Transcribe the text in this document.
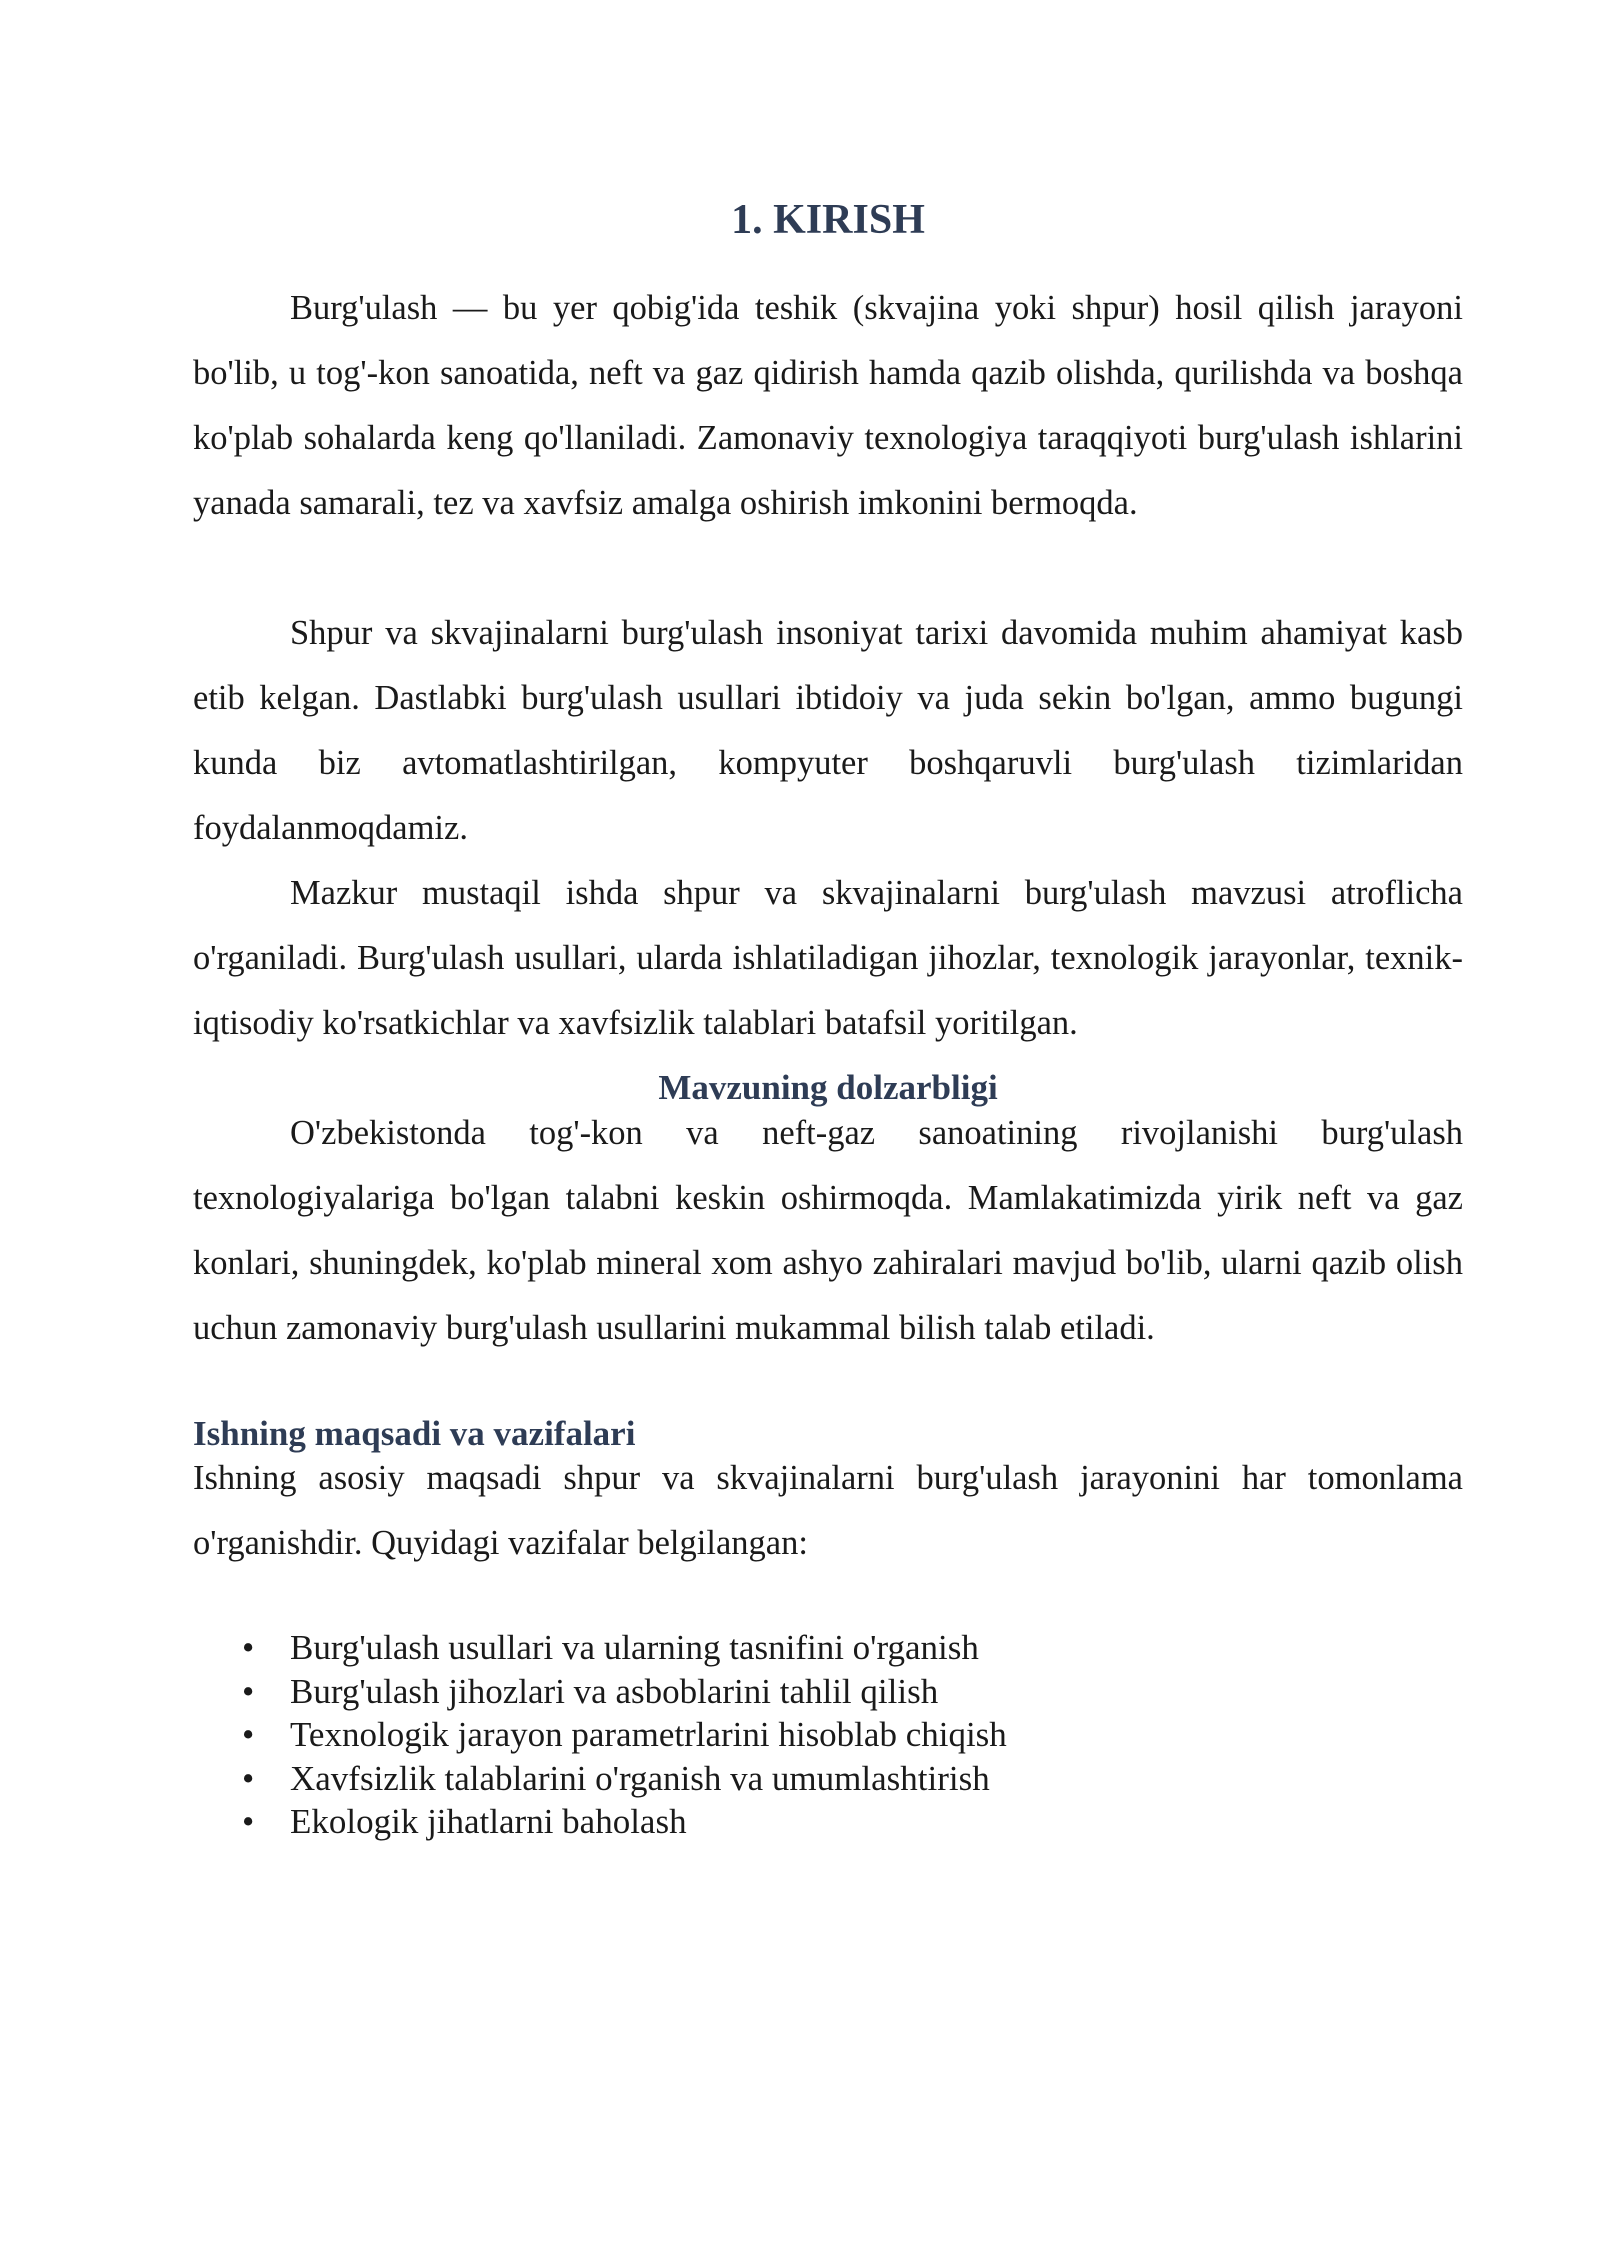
1. KIRISH

Burg'ulash — bu yer qobig'ida teshik (skvajina yoki shpur) hosil qilish jarayoni bo'lib, u tog'-kon sanoatida, neft va gaz qidirish hamda qazib olishda, qurilishda va boshqa ko'plab sohalarda keng qo'llaniladi. Zamonaviy texnologiya taraqqiyoti burg'ulash ishlarini yanada samarali, tez va xavfsiz amalga oshirish imkonini bermoqda.

Shpur va skvajinalarni burg'ulash insoniyat tarixi davomida muhim ahamiyat kasb etib kelgan. Dastlabki burg'ulash usullari ibtidoiy va juda sekin bo'lgan, ammo bugungi kunda biz avtomatlashtirilgan, kompyuter boshqaruvli burg'ulash tizimlaridan foydalanmoqdamiz.

Mazkur mustaqil ishda shpur va skvajinalarni burg'ulash mavzusi atroflicha o'rganiladi. Burg'ulash usullari, ularda ishlatiladigan jihozlar, texnologik jarayonlar, texnik-iqtisodiy ko'rsatkichlar va xavfsizlik talablari batafsil yoritilgan.

Mavzuning dolzarbligi

O'zbekistonda tog'-kon va neft-gaz sanoatining rivojlanishi burg'ulash texnologiyalariga bo'lgan talabni keskin oshirmoqda. Mamlakatimizda yirik neft va gaz konlari, shuningdek, ko'plab mineral xom ashyo zahiralari mavjud bo'lib, ularni qazib olish uchun zamonaviy burg'ulash usullarini mukammal bilish talab etiladi.

Ishning maqsadi va vazifalari

Ishning asosiy maqsadi shpur va skvajinalarni burg'ulash jarayonini har tomonlama o'rganishdir. Quyidagi vazifalar belgilangan:

• Burg'ulash usullari va ularning tasnifini o'rganish
• Burg'ulash jihozlari va asboblarini tahlil qilish
• Texnologik jarayon parametrlarini hisoblab chiqish
• Xavfsizlik talablarini o'rganish va umumlashtirish
• Ekologik jihatlarni baholash
